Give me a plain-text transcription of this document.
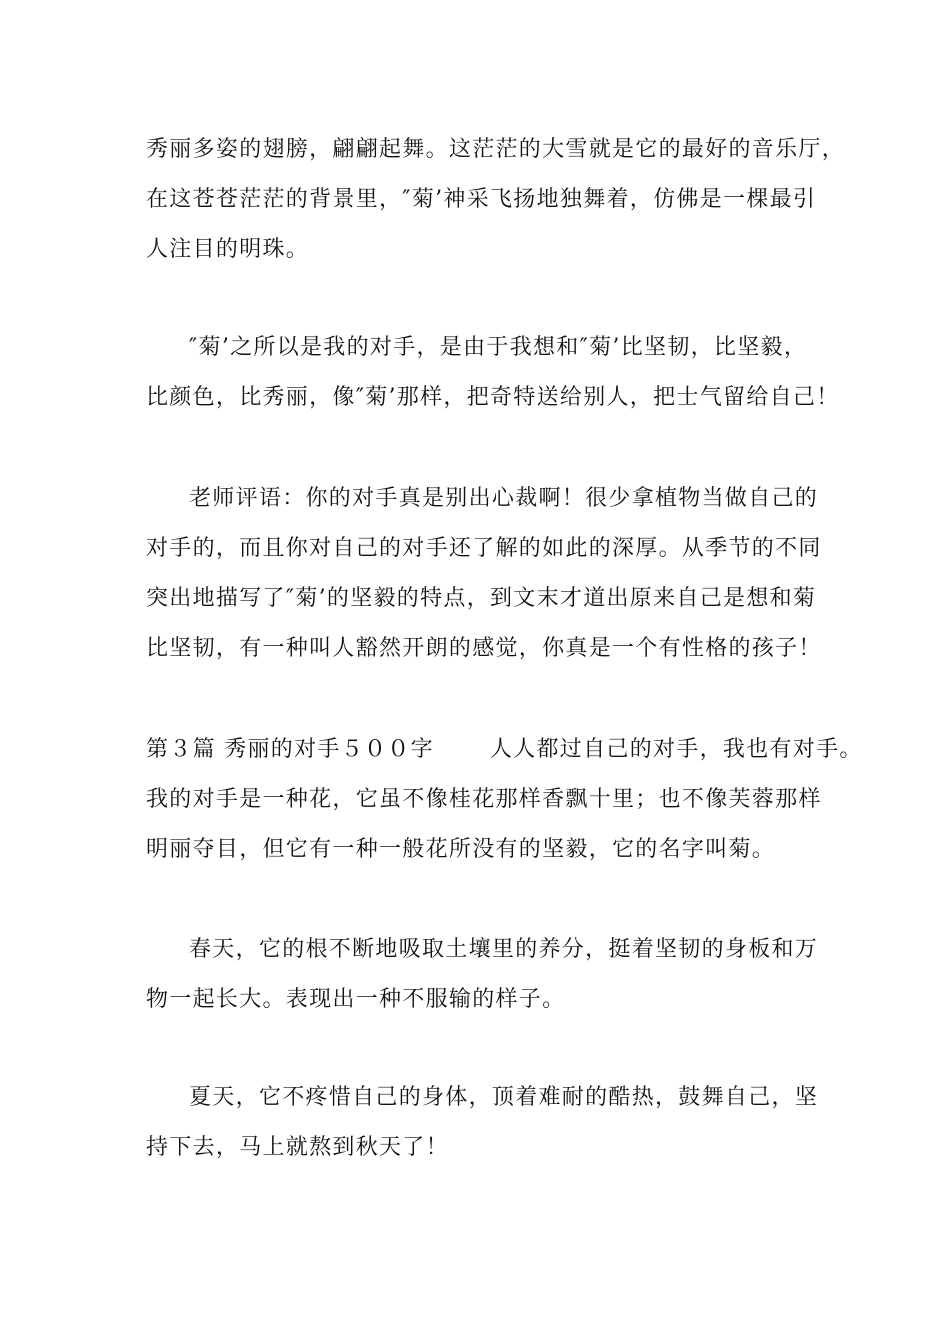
秀丽多姿的翅膀，翩翩起舞。这茫茫的大雪就是它的最好的音乐厅，
在这苍苍茫茫的背景里，″菊’神采飞扬地独舞着，仿佛是一棵最引
人注目的明珠。
″菊’之所以是我的对手，是由于我想和″菊’比坚韧，比坚毅，
比颜色，比秀丽，像″菊’那样，把奇特送给别人，把士气留给自己！
老师评语：你的对手真是别出心裁啊！很少拿植物当做自己的
对手的，而且你对自己的对手还了解的如此的深厚。从季节的不同
突出地描写了″菊’的坚毅的特点，到文末才道出原来自己是想和菊
比坚韧，有一种叫人豁然开朗的感觉，你真是一个有性格的孩子！
第３篇 秀丽的对手５００字	人人都过自己的对手，我也有对手。
我的对手是一种花，它虽不像桂花那样香飘十里；也不像芙蓉那样
明丽夺目，但它有一种一般花所没有的坚毅，它的名字叫菊。
春天，它的根不断地吸取土壤里的养分，挺着坚韧的身板和万
物一起长大。表现出一种不服输的样子。
夏天，它不疼惜自己的身体，顶着难耐的酷热，鼓舞自己，坚
持下去，马上就熬到秋天了！
